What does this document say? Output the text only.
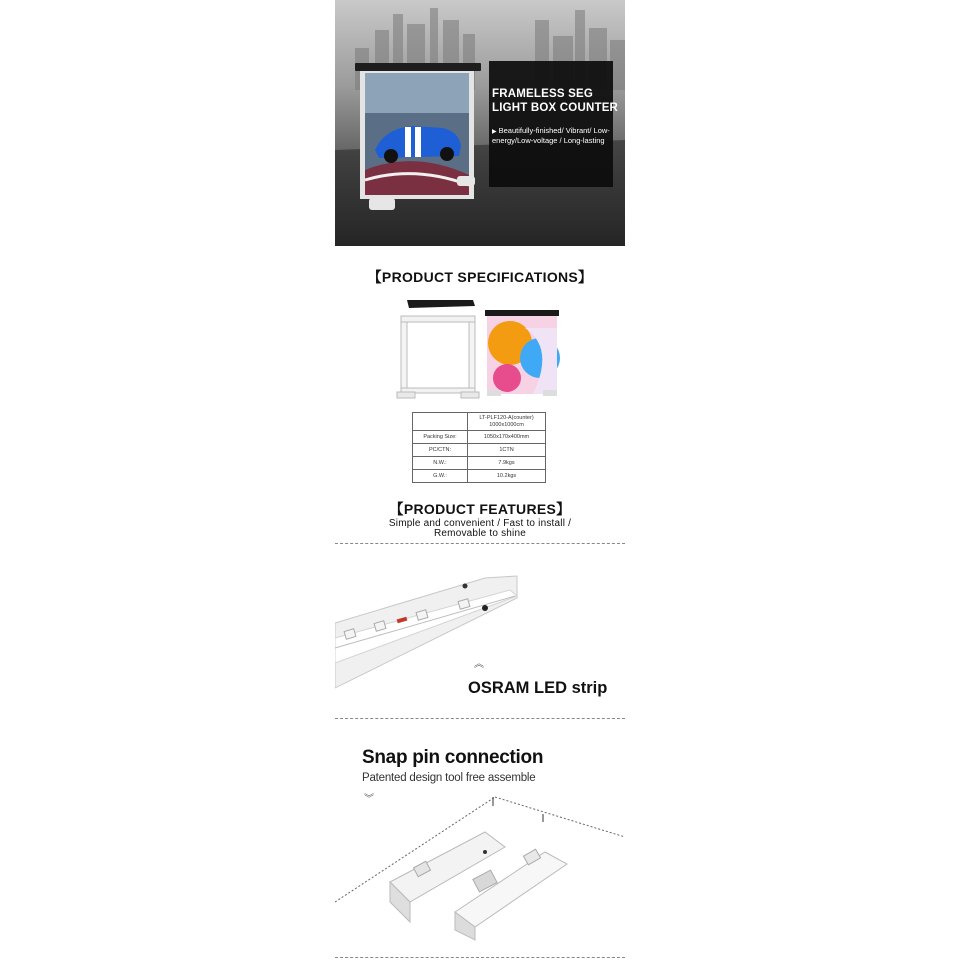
FRAMELESS SEG
LIGHT BOX COUNTER
▶ Beautifully-finished/ Vibrant/ Low-energy/Low-voltage / Long-lasting
【PRODUCT SPECIFICATIONS】

	LT-PLF120-A(counter)
1000x1000cm

Packing Size:	1050x170x400mm
PC/CTN:	1CTN
N.W.:	7.9kgs
G.W.:	10.2kgs
【PRODUCT FEATURES】
Simple and convenient / Fast to install /
Removable to shine
︽
OSRAM LED strip
Snap pin connection
Patented design tool free assemble
︾
